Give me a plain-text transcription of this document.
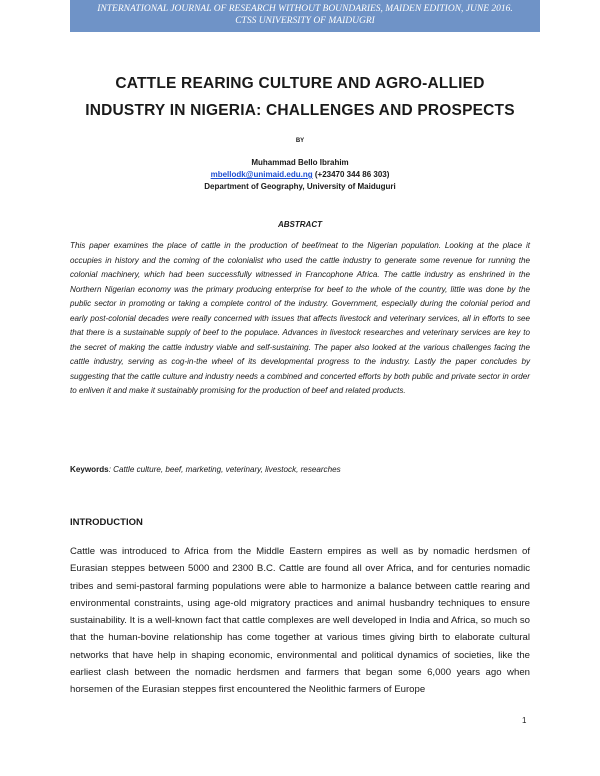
INTERNATIONAL JOURNAL OF RESEARCH WITHOUT BOUNDARIES, MAIDEN EDITION, JUNE 2016.
CTSS UNIVERSITY OF MAIDUGRI
CATTLE REARING CULTURE AND AGRO-ALLIED
INDUSTRY IN NIGERIA: CHALLENGES AND PROSPECTS
BY
Muhammad Bello Ibrahim
mbellodk@unimaid.edu.ng (+23470 344 86 303)
Department of Geography, University of Maiduguri
ABSTRACT

This paper examines the place of cattle in the production of beef/meat to the Nigerian population. Looking at the place it occupies in history and the coming of the colonialist who used the cattle industry to generate some revenue for running the colonial machinery, which had been successfully witnessed in Francophone Africa. The cattle industry as enshrined in the Northern Nigerian economy was the primary producing enterprise for beef to the whole of the country, little was done by the public sector in promoting or taking a complete control of the industry. Government, especially during the colonial period and early post-colonial decades were really concerned with issues that affects livestock and veterinary services, all in efforts to see that there is a sustainable supply of beef to the populace. Advances in livestock researches and veterinary services are key to the secret of making the cattle industry viable and self-sustaining. The paper also looked at the various challenges facing the cattle industry, serving as cog-in-the wheel of its developmental progress to the industry. Lastly the paper concludes by suggesting that the cattle culture and industry needs a combined and concerted efforts by both public and private sector in order to enliven it and make it sustainably promising for the production of beef and related products.

Keywords: Cattle culture, beef, marketing, veterinary, livestock, researches
INTRODUCTION

Cattle was introduced to Africa from the Middle Eastern empires as well as by nomadic herdsmen of Eurasian steppes between 5000 and 2300 B.C. Cattle are found all over Africa, and for centuries nomadic tribes and semi-pastoral farming populations were able to harmonize a balance between cattle rearing and environmental constraints, using age-old migratory practices and animal husbandry techniques to ensure sustainability. It is a well-known fact that cattle complexes are well developed in India and Africa, so much so that the human-bovine relationship has come together at various times giving birth to elaborate cultural networks that have help in shaping economic, environmental and political dynamics of societies, like the earliest clash between the nomadic herdsmen and farmers that began some 6,000 years ago when horsemen of the Eurasian steppes first encountered the Neolithic farmers of Europe

1
